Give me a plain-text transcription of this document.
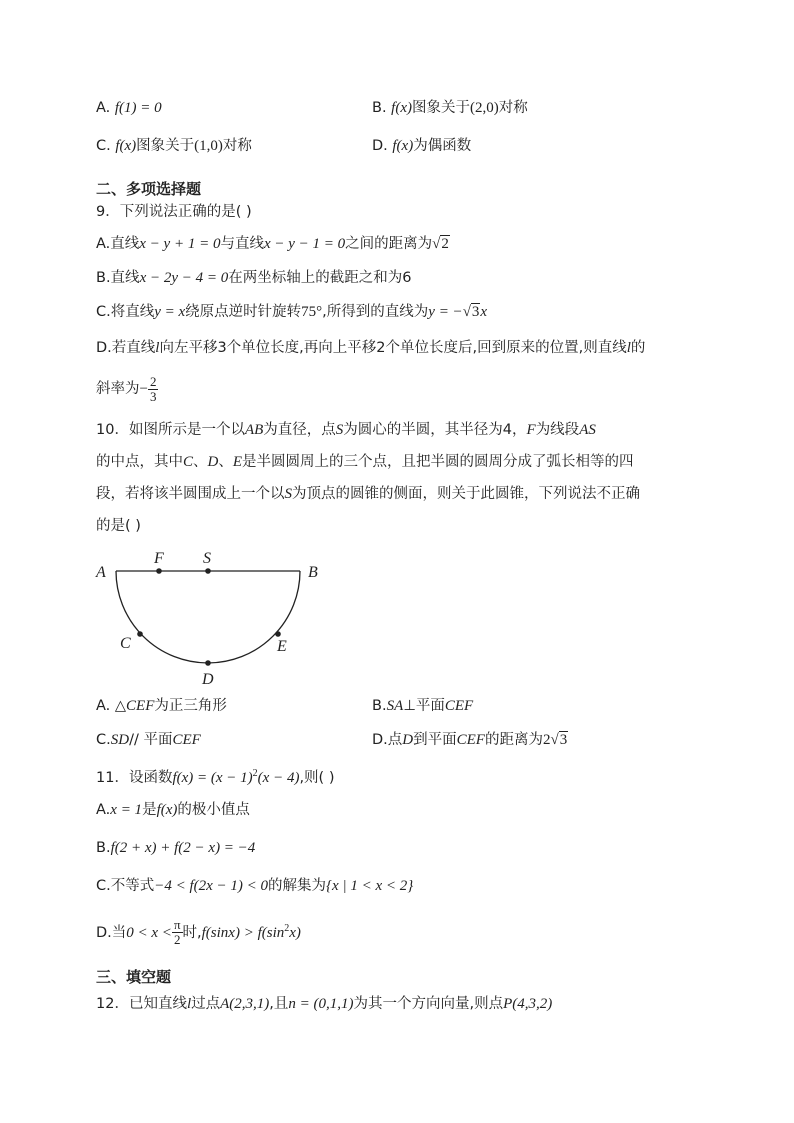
A. f(1) = 0	B. f(x)图象关于(2,0)对称
C. f(x)图象关于(1,0)对称	D. f(x)为偶函数
二、多项选择题
9．下列说法正确的是( )
A.直线x − y + 1 = 0与直线x − y − 1 = 0之间的距离为√2
B.直线x − 2y − 4 = 0在两坐标轴上的截距之和为6
C.将直线y = x绕原点逆时针旋转75°,所得到的直线为y = −√3x
D.若直线l向左平移3个单位长度,再向上平移2个单位长度后,回到原来的位置,则直线l的
斜率为− $\frac{2}{3}$
10．如图所示是一个以AB为直径，点S为圆心的半圆，其半径为4，F为线段AS
的中点，其中C、D、E是半圆圆周上的三个点，且把半圆的圆周分成了弧长相等的四
段，若将该半圆围成上一个以S为顶点的圆锥的侧面，则关于此圆锥，下列说法不正确
的是( )
A
F S
B
C
D
E
A. △CEF为正三角形	B.SA⊥平面CEF
C.SD// 平面CEF	D.点D到平面CEF的距离为2√3
11．设函数$f(x) = (x - 1)^2(x - 4)$,则( )
A.x = 1是f(x)的极小值点
B.f(2 + x) + f(2 − x) = −4
C.不等式−4 < f(2x − 1) < 0的解集为{x | 1 < x < 2}
D.当$0 < x < \frac{\pi}{2}$ 时$,f(\sin x) > f(\sin^2x)$
三、填空题
12．已知直线l过点A(2,3,1),且n = (0,1,1)为其一个方向向量,则点P(4,3,2)
